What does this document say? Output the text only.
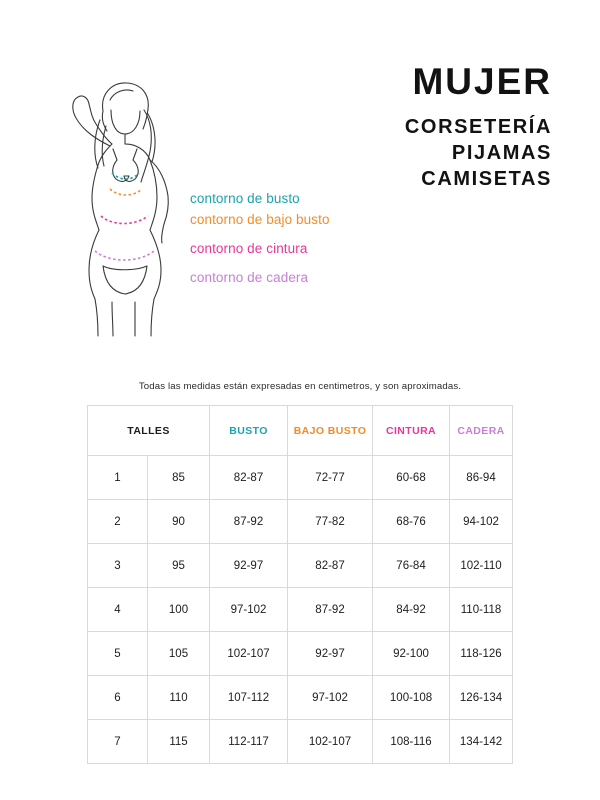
contorno de busto
contorno de bajo busto
contorno de cintura
contorno de cadera
MUJER
CORSETERÍA
PIJAMAS
CAMISETAS
Todas las medidas están expresadas en centimetros, y son aproximadas.
TALLES		BUSTO	BAJO BUSTO	CINTURA	CADERA
1	85	82-87	72-77	60-68	86-94
2	90	87-92	77-82	68-76	94-102
3	95	92-97	82-87	76-84	102-110
4	100	97-102	87-92	84-92	110-118
5	105	102-107	92-97	92-100	118-126
6	110	107-112	97-102	100-108	126-134
7	115	112-117	102-107	108-116	134-142
